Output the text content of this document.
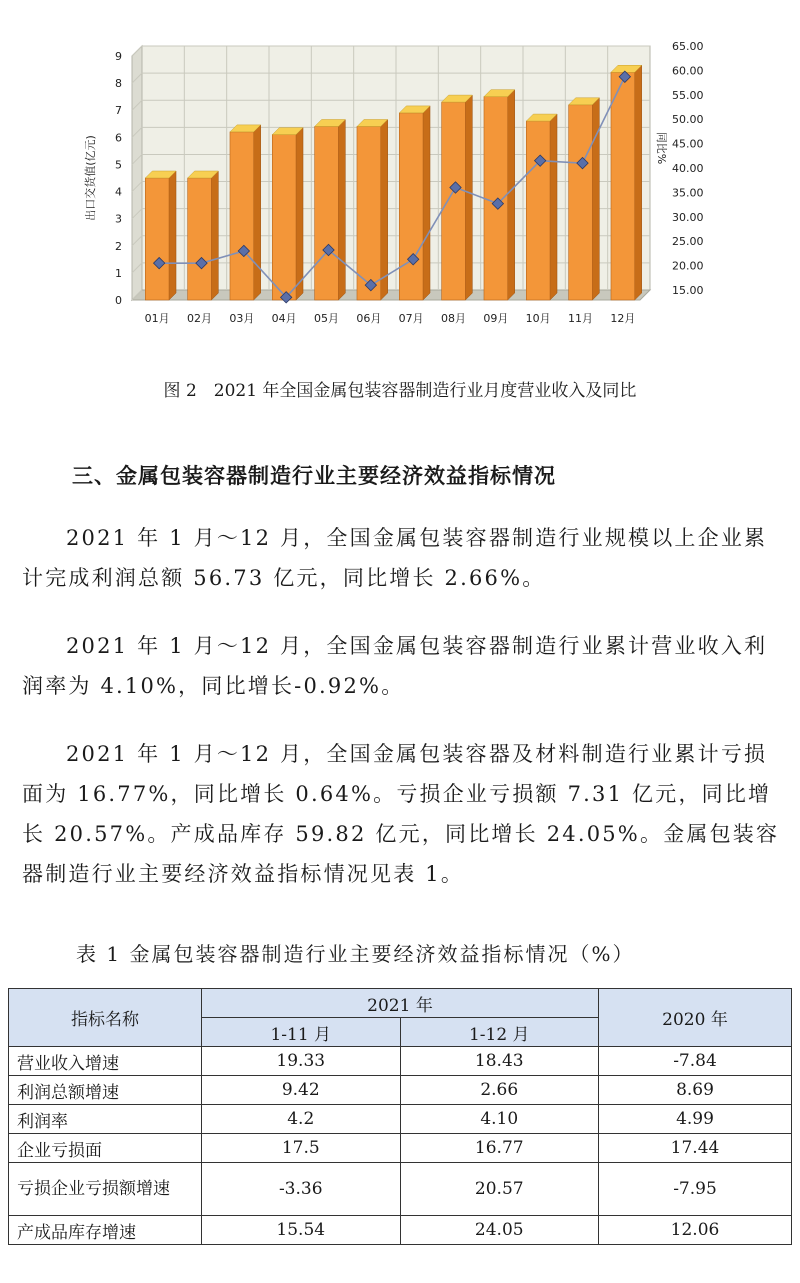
0
1
2
3
4
5
6
7
8
9
15.00
20.00
25.00
30.00
35.00
40.00
45.00
50.00
55.00
60.00
65.00
出口交货值(亿元)	同比%
01月 02月 03月 04月 05月 06月 07月 08月 09月 10月 11月 12月
图 2　2021 年全国金属包装容器制造行业月度营业收入及同比
三、金属包装容器制造行业主要经济效益指标情况

2021 年 1 月～12 月，全国金属包装容器制造行业规模以上企业累计完成利润总额 56.73 亿元，同比增长 2.66%。

2021 年 1 月～12 月，全国金属包装容器制造行业累计营业收入利润率为 4.10%，同比增长-0.92%。

2021 年 1 月～12 月，全国金属包装容器及材料制造行业累计亏损面为 16.77%，同比增长 0.64%。亏损企业亏损额 7.31 亿元，同比增长 20.57%。产成品库存 59.82 亿元，同比增长 24.05%。金属包装容器制造行业主要经济效益指标情况见表 1。

表 1 金属包装容器制造行业主要经济效益指标情况（%）
指标名称	2021 年		2020 年
	1-11 月	1-12 月	
营业收入增速	19.33	18.43	-7.84
利润总额增速	9.42	2.66	8.69
利润率	4.2	4.10	4.99
企业亏损面	17.5	16.77	17.44
亏损企业亏损额增速	-3.36	20.57	-7.95
产成品库存增速	15.54	24.05	12.06
